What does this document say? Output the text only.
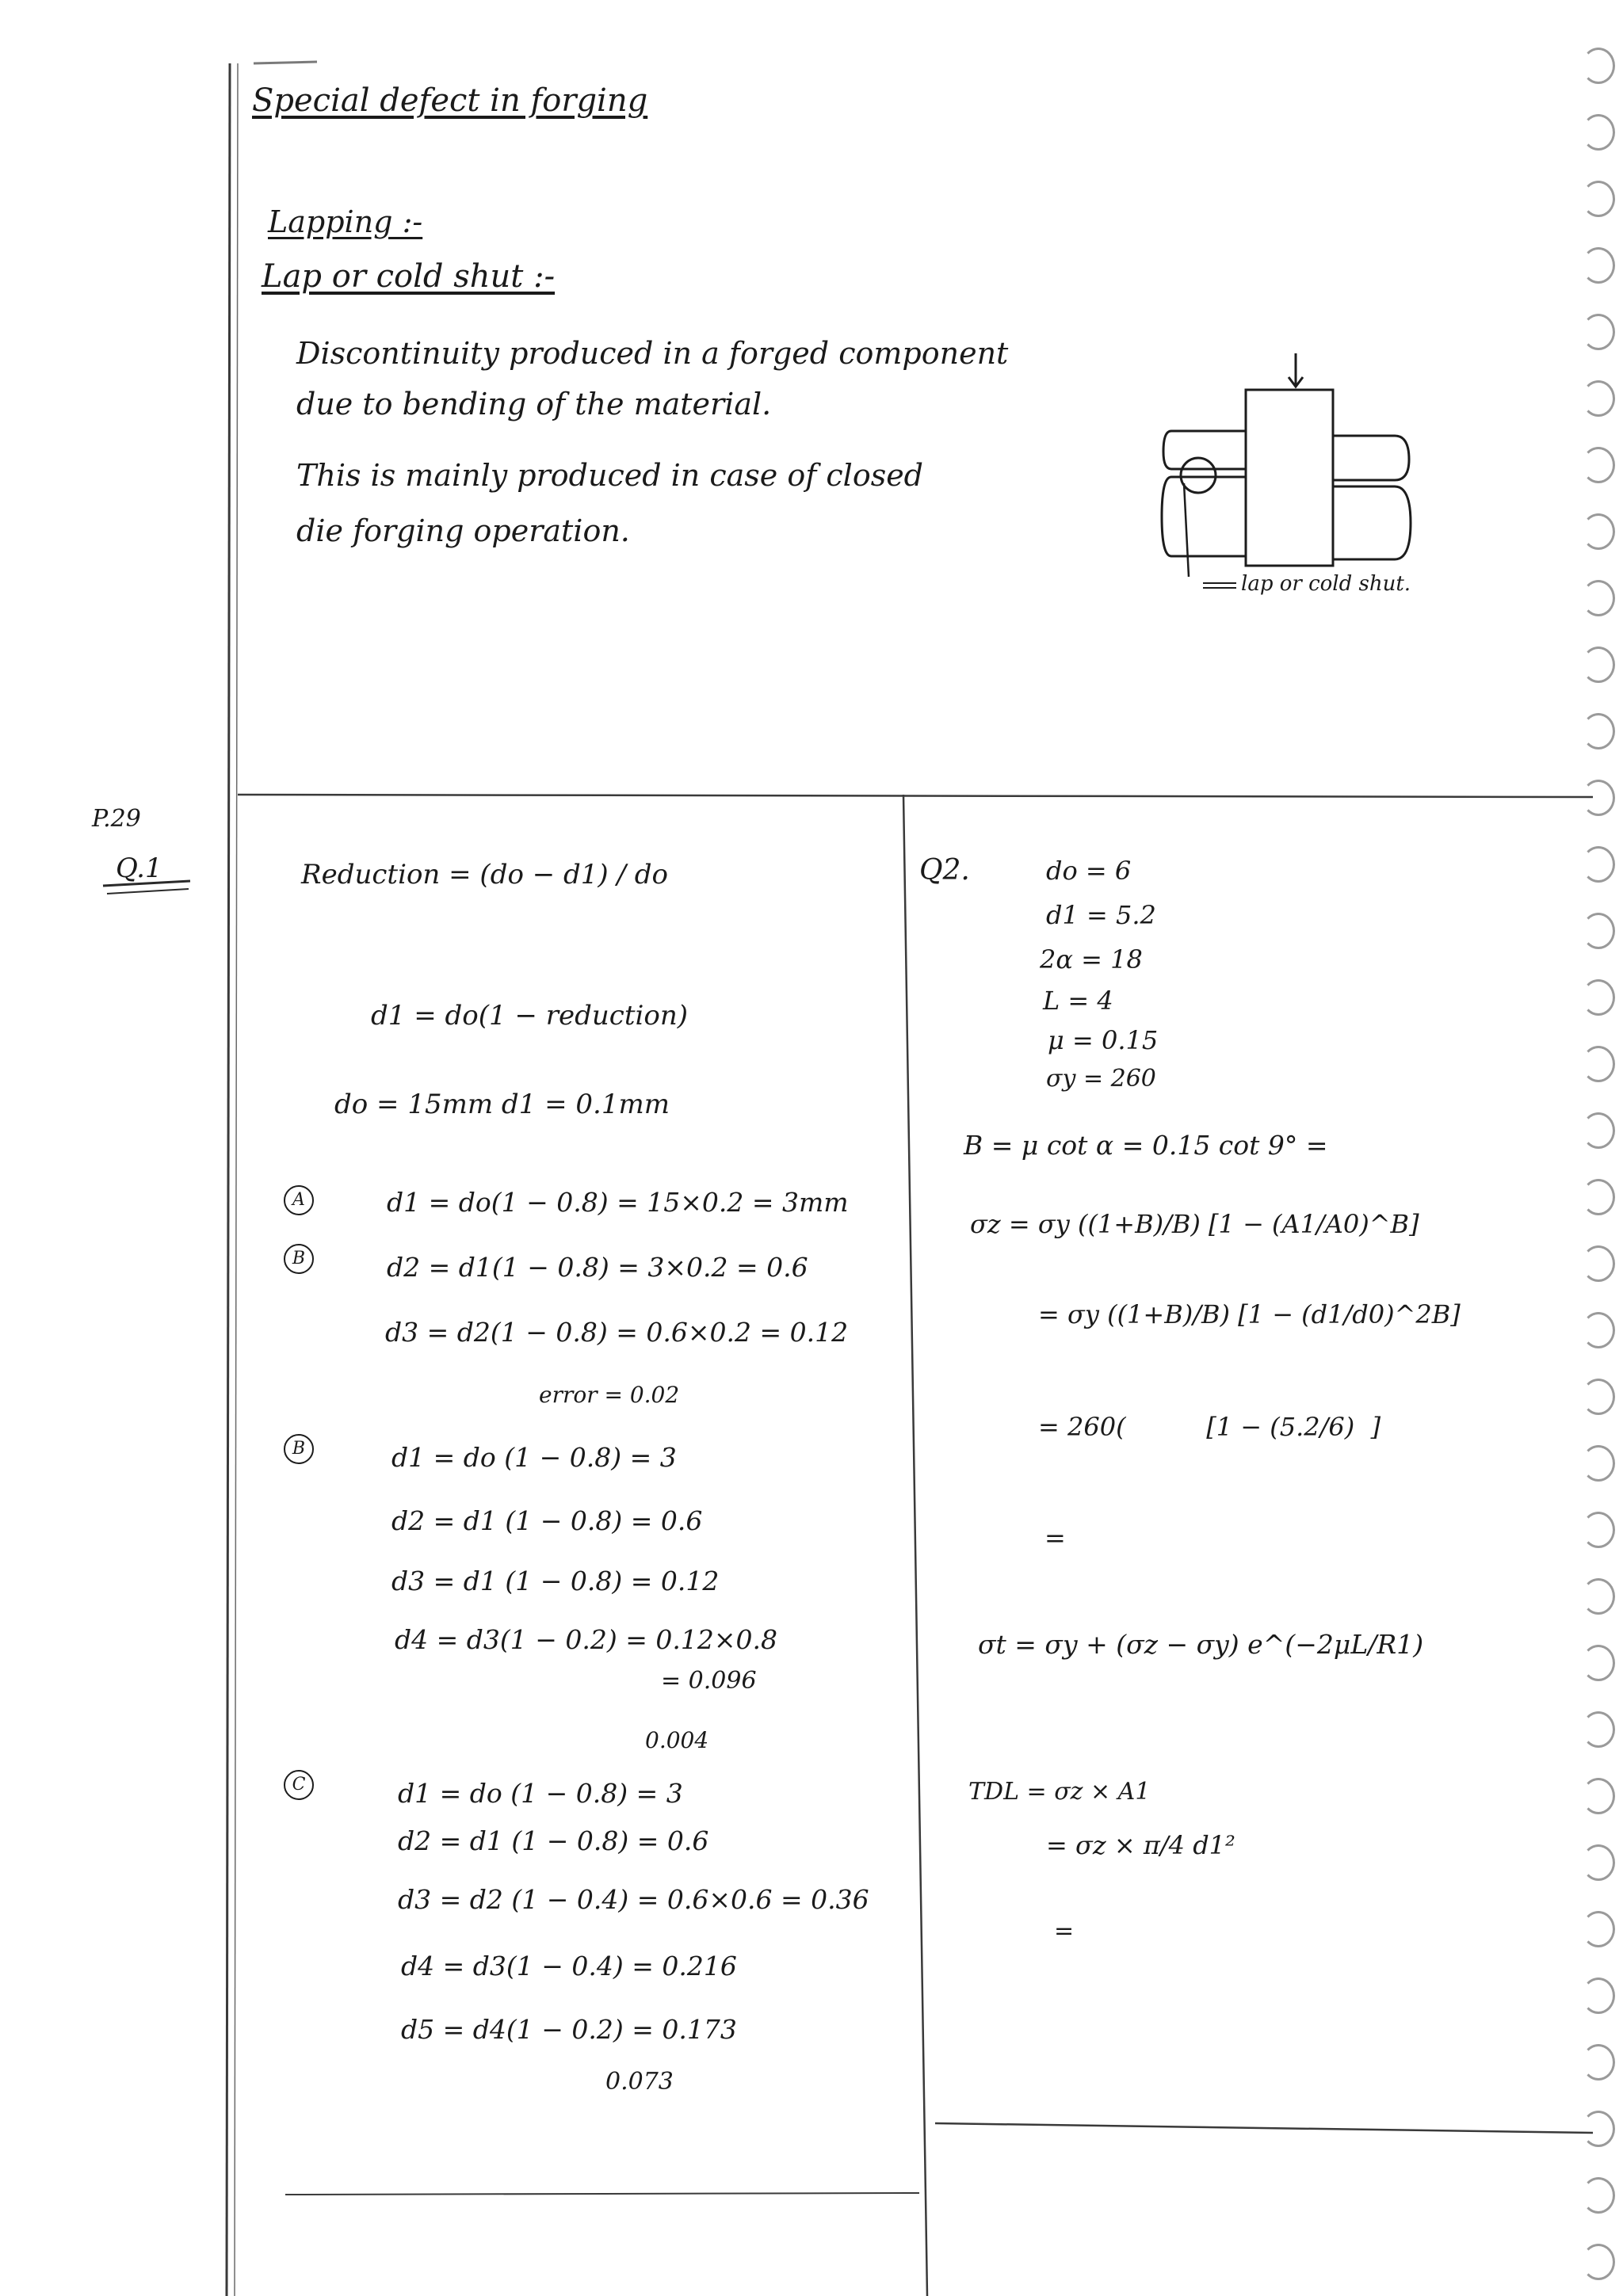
Special defect in forging
Lapping :-
Lap or cold shut :-
Discontinuity produced in a forged component
due to bending of the material.
This is mainly produced in case of closed
die forging operation.
lap or cold shut.
P.29
Q.1	Reduction = (do − d1) / do
d1 = do(1 − reduction)
do = 15mm d1 = 0.1mm
A	d1 = do(1 − 0.8) = 15×0.2 = 3mm
B	d2 = d1(1 − 0.8) = 3×0.2 = 0.6
d3 = d2(1 − 0.8) = 0.6×0.2 = 0.12
error = 0.02
B	d1 = do (1 − 0.8) = 3
d2 = d1 (1 − 0.8) = 0.6
d3 = d1 (1 − 0.8) = 0.12
d4 = d3(1 − 0.2) = 0.12×0.8
= 0.096
0.004
C	d1 = do (1 − 0.8) = 3
d2 = d1 (1 − 0.8) = 0.6
d3 = d2 (1 − 0.4) = 0.6×0.6 = 0.36
d4 = d3(1 − 0.4) = 0.216
d5 = d4(1 − 0.2) = 0.173
0.073
Q2.	do = 6
d1 = 5.2
2α = 18
L = 4
μ = 0.15
σy = 260
B = μ cot α = 0.15 cot 9° =
σz = σy ((1+B)/B) [1 − (A1/A0)^B]
= σy ((1+B)/B) [1 − (d1/d0)^2B]
= 260(          [1 − (5.2/6)  ]
=
σt = σy + (σz − σy) e^(−2μL/R1)
TDL = σz × A1
= σz × π/4 d1²
=
